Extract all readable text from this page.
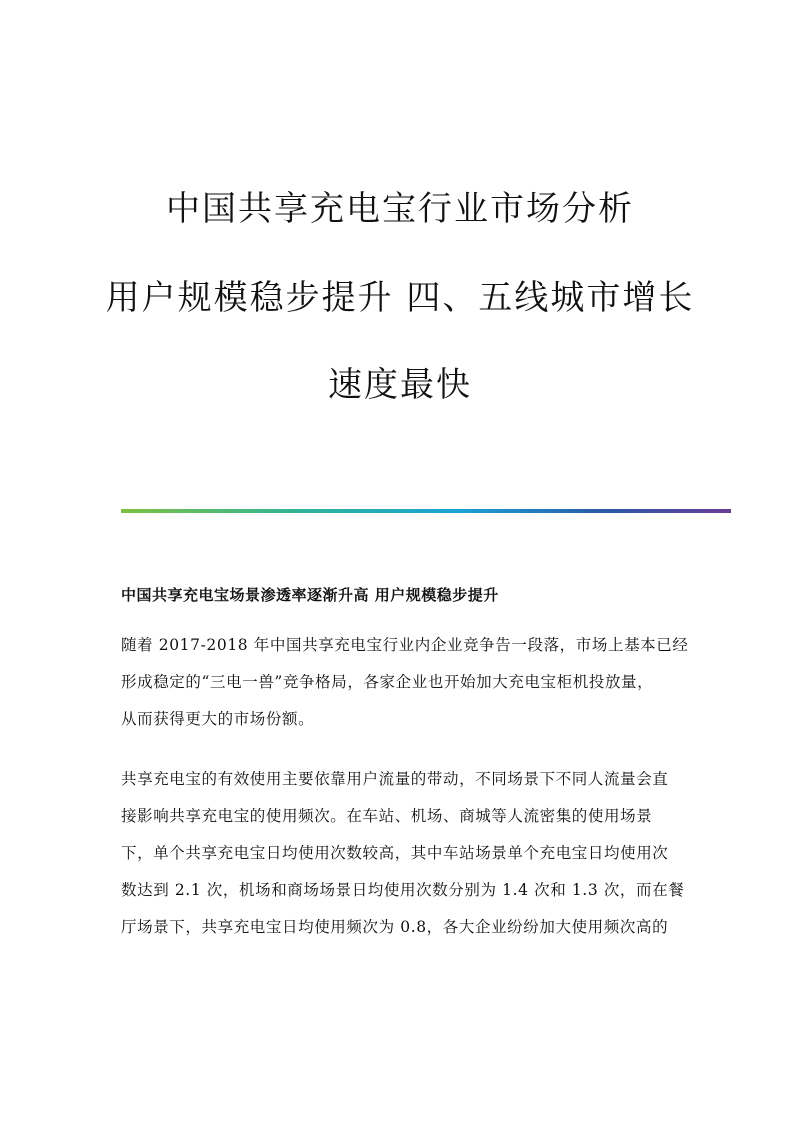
中国共享充电宝行业市场分析
用户规模稳步提升 四、五线城市增长
速度最快
中国共享充电宝场景渗透率逐渐升高 用户规模稳步提升
随着 2017-2018 年中国共享充电宝行业内企业竞争告一段落，市场上基本已经
形成稳定的“三电一兽”竞争格局，各家企业也开始加大充电宝柜机投放量，
从而获得更大的市场份额。
共享充电宝的有效使用主要依靠用户流量的带动，不同场景下不同人流量会直
接影响共享充电宝的使用频次。在车站、机场、商城等人流密集的使用场景
下，单个共享充电宝日均使用次数较高，其中车站场景单个充电宝日均使用次
数达到 2.1 次，机场和商场场景日均使用次数分别为 1.4 次和 1.3 次，而在餐
厅场景下，共享充电宝日均使用频次为 0.8，各大企业纷纷加大使用频次高的
